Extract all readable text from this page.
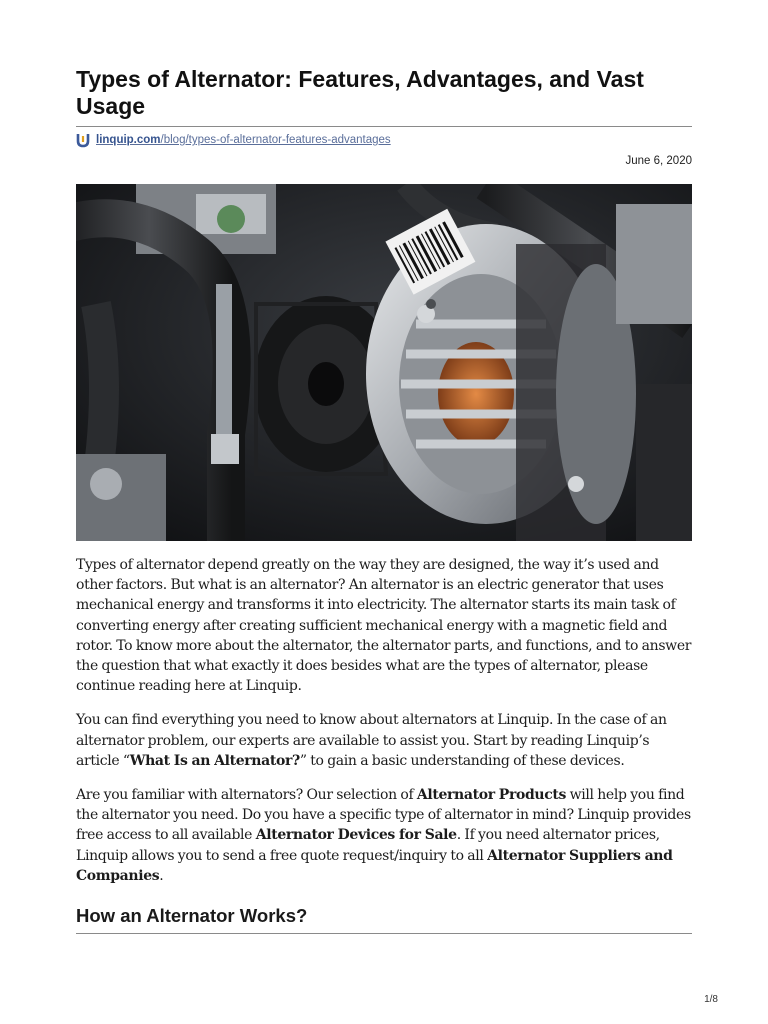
Types of Alternator: Features, Advantages, and Vast Usage
linquip.com/blog/types-of-alternator-features-advantages
June 6, 2020

Types of alternator depend greatly on the way they are designed, the way it’s used and other factors. But what is an alternator? An alternator is an electric generator that uses mechanical energy and transforms it into electricity. The alternator starts its main task of converting energy after creating sufficient mechanical energy with a magnetic field and rotor. To know more about the alternator, the alternator parts, and functions, and to answer the question that what exactly it does besides what are the types of alternator, please continue reading here at Linquip.

You can find everything you need to know about alternators at Linquip. In the case of an alternator problem, our experts are available to assist you. Start by reading Linquip’s article “What Is an Alternator?” to gain a basic understanding of these devices.

Are you familiar with alternators? Our selection of Alternator Products will help you find the alternator you need. Do you have a specific type of alternator in mind? Linquip provides free access to all available Alternator Devices for Sale. If you need alternator prices, Linquip allows you to send a free quote request/inquiry to all Alternator Suppliers and Companies.

How an Alternator Works?
1/8
